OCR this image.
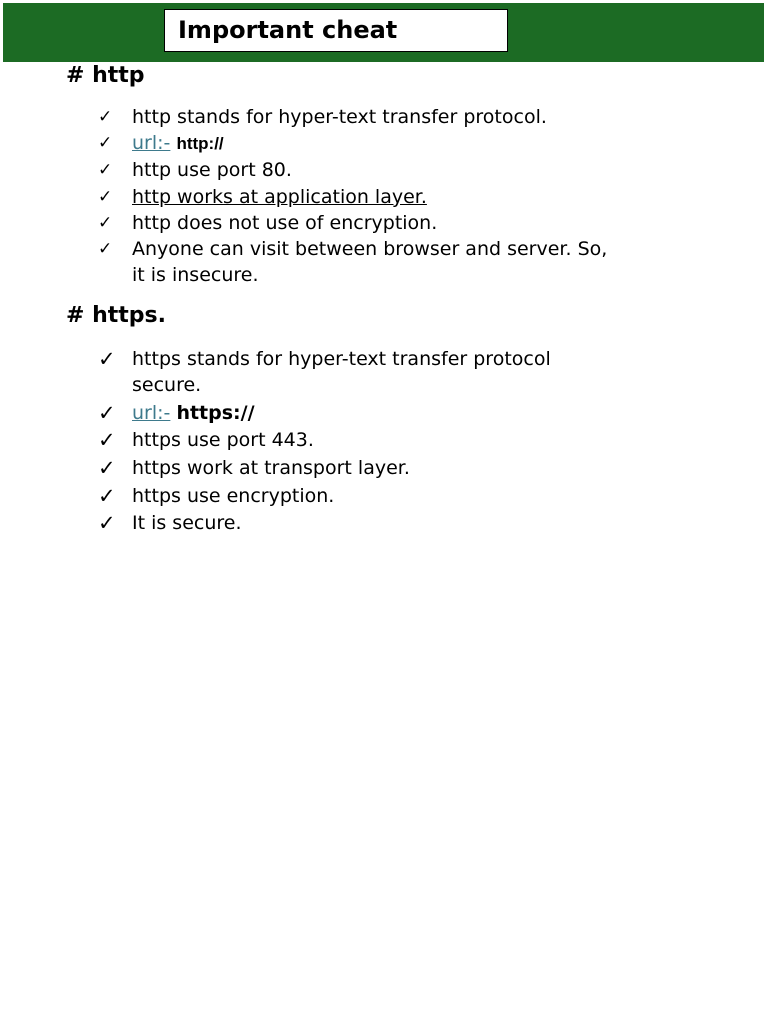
Important cheat
# http
✓	http stands for hyper-text transfer protocol.
✓	url:- http://
✓	http use port 80.
✓	http works at application layer.
✓	http does not use of encryption.
✓	Anyone can visit between browser and server. So,
it is insecure.
# https.
✓ https stands for hyper-text transfer protocol
secure.
✓ url:- https://
✓ https use port 443.
✓ https work at transport layer.
✓ https use encryption.
✓ It is secure.
